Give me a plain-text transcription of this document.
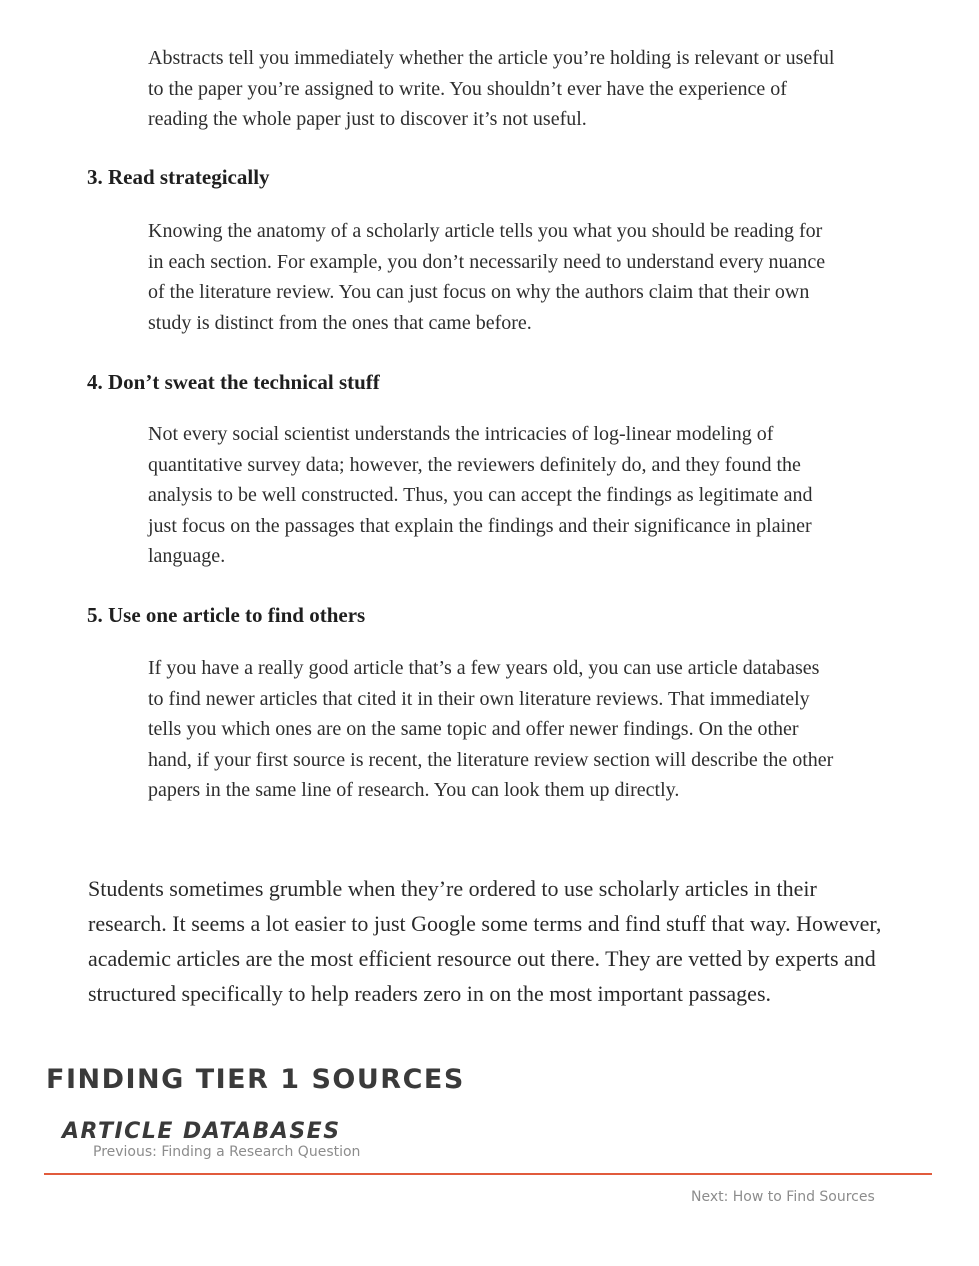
Abstracts tell you immediately whether the article you’re holding is relevant or useful to the paper you’re assigned to write. You shouldn’t ever have the experience of reading the whole paper just to discover it’s not useful.

3. Read strategically

Knowing the anatomy of a scholarly article tells you what you should be reading for in each section. For example, you don’t necessarily need to understand every nuance of the literature review. You can just focus on why the authors claim that their own study is distinct from the ones that came before.

4. Don’t sweat the technical stuff

Not every social scientist understands the intricacies of log-linear modeling of quantitative survey data; however, the reviewers definitely do, and they found the analysis to be well constructed. Thus, you can accept the findings as legitimate and just focus on the passages that explain the findings and their significance in plainer language.

5. Use one article to find others

If you have a really good article that’s a few years old, you can use article databases to find newer articles that cited it in their own literature reviews. That immediately tells you which ones are on the same topic and offer newer findings. On the other hand, if your first source is recent, the literature review section will describe the other papers in the same line of research. You can look them up directly.

Students sometimes grumble when they’re ordered to use scholarly articles in their research. It seems a lot easier to just Google some terms and find stuff that way. However, academic articles are the most efficient resource out there. They are vetted by experts and structured specifically to help readers zero in on the most important passages.

FINDING TIER 1 SOURCES
ARTICLE DATABASES
Previous: Finding a Research Question
Next: How to Find Sources
